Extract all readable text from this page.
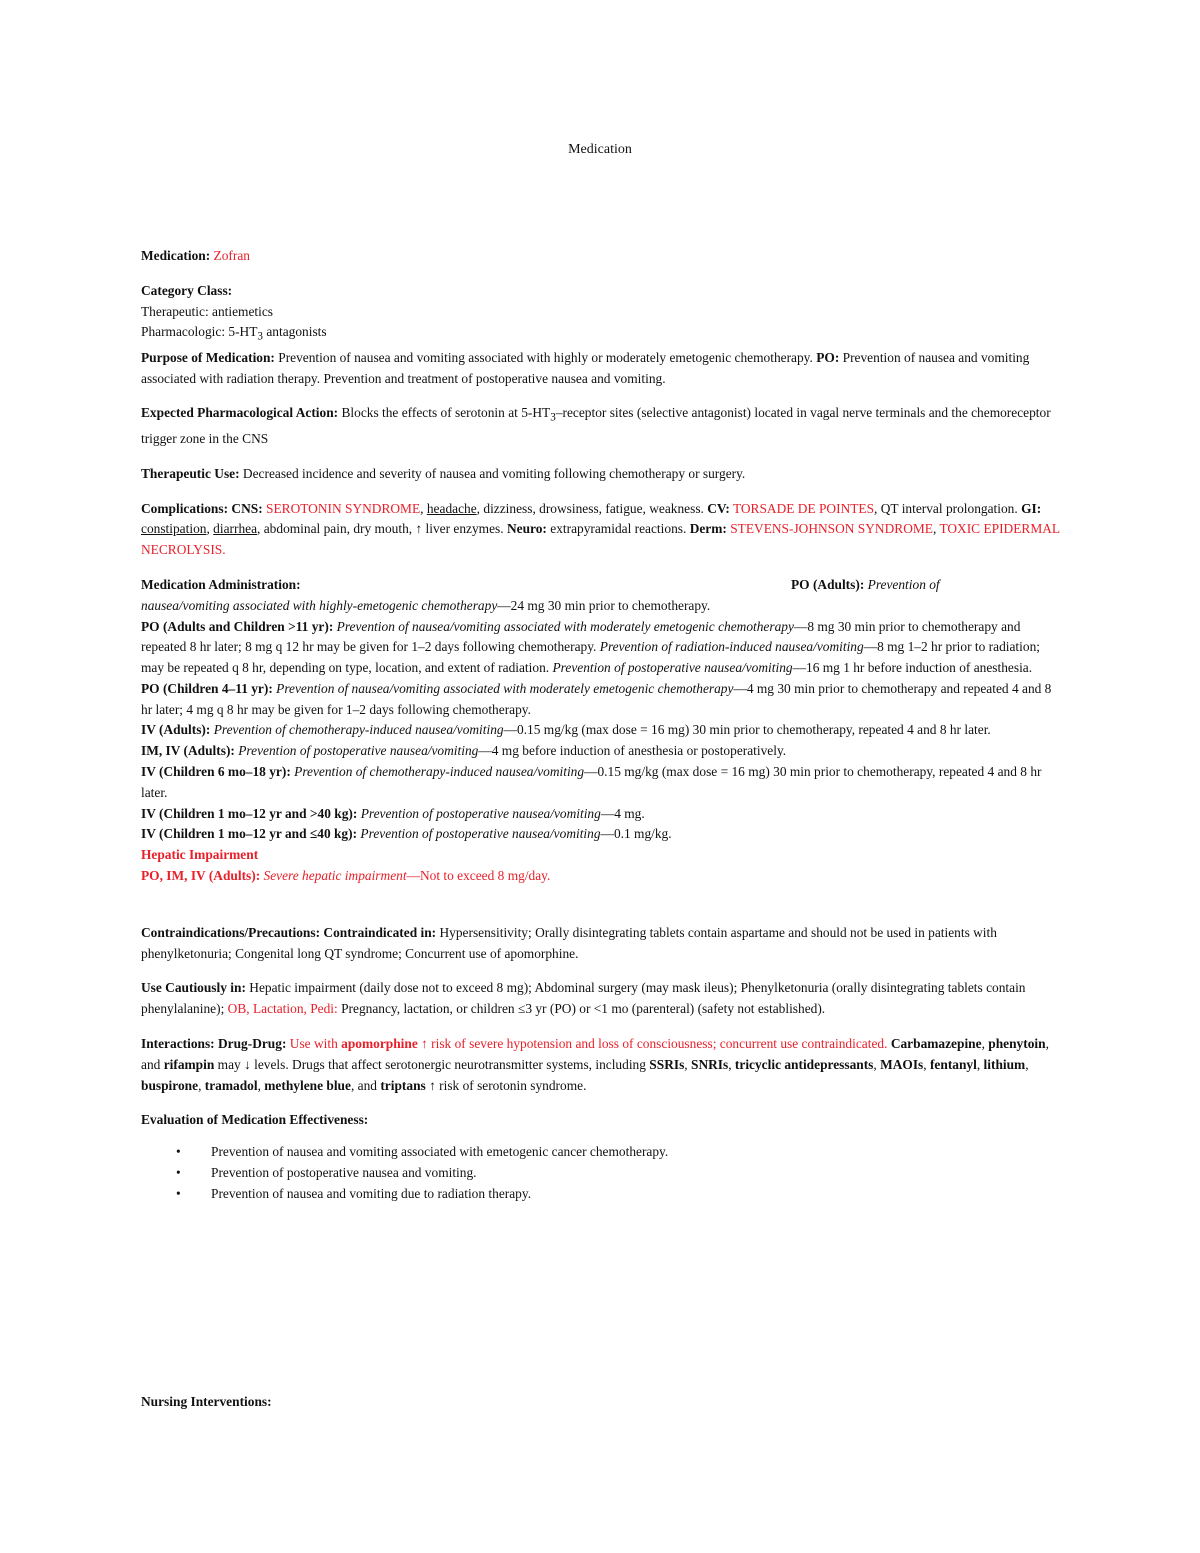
Medication

Medication: Zofran

Category Class:

Therapeutic: antiemetics

Pharmacologic: $5-HT_3$ antagonists

Purpose of Medication: Prevention of nausea and vomiting associated with highly or moderately emetogenic chemotherapy. PO: Prevention of nausea and vomiting associated with radiation therapy. Prevention and treatment of postoperative nausea and vomiting.

Expected Pharmacological Action: Blocks the effects of serotonin at $5-HT_3$–receptor sites (selective antagonist) located in vagal nerve terminals and the chemoreceptor trigger zone in the CNS

Therapeutic Use: Decreased incidence and severity of nausea and vomiting following chemotherapy or surgery.

Complications: CNS: SEROTONIN SYNDROME, headache, dizziness, drowsiness, fatigue, weakness. CV: TORSADE DE POINTES, QT interval prolongation. GI: constipation, diarrhea, abdominal pain, dry mouth, ↑ liver enzymes. Neuro: extrapyramidal reactions. Derm: STEVENS-JOHNSON SYNDROME, TOXIC EPIDERMAL NECROLYSIS.

Medication Administration:	PO (Adults): Prevention of

nausea/vomiting associated with highly-emetogenic chemotherapy—24 mg 30 min prior to chemotherapy.

PO (Adults and Children >11 yr): Prevention of nausea/vomiting associated with moderately emetogenic chemotherapy—8 mg 30 min prior to chemotherapy and repeated 8 hr later; 8 mg q 12 hr may be given for 1–2 days following chemotherapy. Prevention of radiation-induced nausea/vomiting—8 mg 1–2 hr prior to radiation; may be repeated q 8 hr, depending on type, location, and extent of radiation. Prevention of postoperative nausea/vomiting—16 mg 1 hr before induction of anesthesia.

PO (Children 4–11 yr): Prevention of nausea/vomiting associated with moderately emetogenic chemotherapy—4 mg 30 min prior to chemotherapy and repeated 4 and 8 hr later; 4 mg q 8 hr may be given for 1–2 days following chemotherapy.

IV (Adults): Prevention of chemotherapy-induced nausea/vomiting—0.15 mg/kg (max dose = 16 mg) 30 min prior to chemotherapy, repeated 4 and 8 hr later.

IM, IV (Adults): Prevention of postoperative nausea/vomiting—4 mg before induction of anesthesia or postoperatively.

IV (Children 6 mo–18 yr): Prevention of chemotherapy-induced nausea/vomiting—0.15 mg/kg (max dose = 16 mg) 30 min prior to chemotherapy, repeated 4 and 8 hr later.

IV (Children 1 mo–12 yr and >40 kg): Prevention of postoperative nausea/vomiting—4 mg.

IV (Children 1 mo–12 yr and ≤40 kg): Prevention of postoperative nausea/vomiting—0.1 mg/kg.

Hepatic Impairment

PO, IM, IV (Adults): Severe hepatic impairment—Not to exceed 8 mg/day.

Contraindications/Precautions: Contraindicated in: Hypersensitivity; Orally disintegrating tablets contain aspartame and should not be used in patients with phenylketonuria; Congenital long QT syndrome; Concurrent use of apomorphine.

Use Cautiously in: Hepatic impairment (daily dose not to exceed 8 mg); Abdominal surgery (may mask ileus); Phenylketonuria (orally disintegrating tablets contain phenylalanine); OB, Lactation, Pedi: Pregnancy, lactation, or children ≤3 yr (PO) or <1 mo (parenteral) (safety not established).

Interactions: Drug-Drug: Use with apomorphine ↑ risk of severe hypotension and loss of consciousness; concurrent use contraindicated. Carbamazepine, phenytoin, and rifampin may ↓ levels. Drugs that affect serotonergic neurotransmitter systems, including SSRIs, SNRIs, tricyclic antidepressants, MAOIs, fentanyl, lithium, buspirone, tramadol, methylene blue, and triptans ↑ risk of serotonin syndrome.

Evaluation of Medication Effectiveness:

• Prevention of nausea and vomiting associated with emetogenic cancer chemotherapy.
• Prevention of postoperative nausea and vomiting.
• Prevention of nausea and vomiting due to radiation therapy.
Nursing Interventions:
